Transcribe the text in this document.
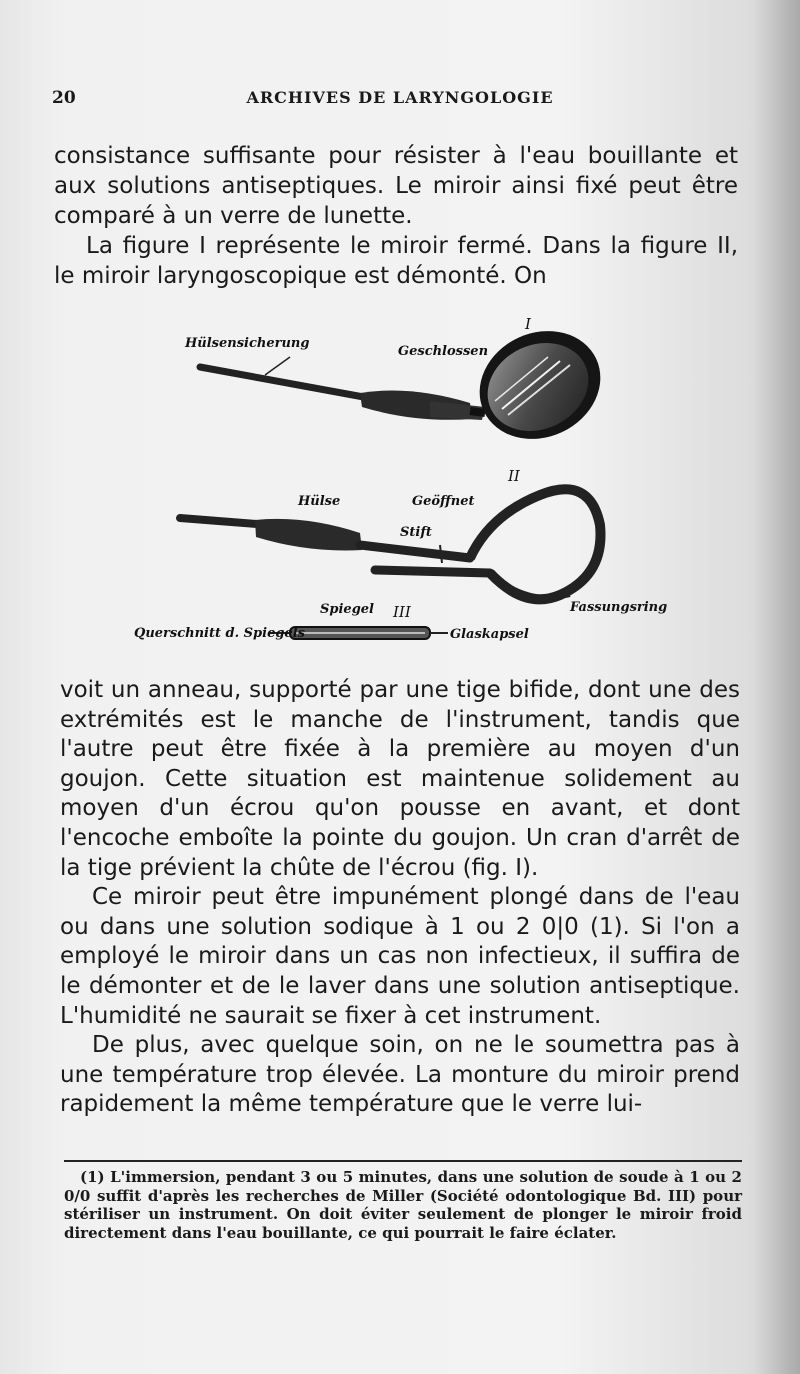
20	ARCHIVES DE LARYNGOLOGIE

consistance suffisante pour résister à l'eau bouillante et aux solutions antiseptiques. Le miroir ainsi fixé peut être comparé à un verre de lunette.

La figure I représente le miroir fermé. Dans la figure II, le miroir laryngoscopique est démonté. On

I
Hülsensicherung
Geschlossen
II
Hülse	Geöffnet
Stift
Fassungsring
III
Spiegel
Querschnitt d. Spiegels	Glaskapsel

voit un anneau, supporté par une tige bifide, dont une des extrémités est le manche de l'instrument, tandis que l'autre peut être fixée à la première au moyen d'un goujon. Cette situation est maintenue solidement au moyen d'un écrou qu'on pousse en avant, et dont l'encoche emboîte la pointe du goujon. Un cran d'arrêt de la tige prévient la chûte de l'écrou (fig. I).

Ce miroir peut être impunément plongé dans de l'eau ou dans une solution sodique à 1 ou 2 0|0 (1). Si l'on a employé le miroir dans un cas non infectieux, il suffira de le démonter et de le laver dans une solution antiseptique. L'humidité ne saurait se fixer à cet instrument.

De plus, avec quelque soin, on ne le soumettra pas à une température trop élevée. La monture du miroir prend rapidement la même température que le verre lui-

(1) L'immersion, pendant 3 ou 5 minutes, dans une solution de soude à 1 ou 2 0/0 suffit d'après les recherches de Miller (Société odontologique Bd. III) pour stériliser un instrument. On doit éviter seulement de plonger le miroir froid directement dans l'eau bouillante, ce qui pourrait le faire éclater.
